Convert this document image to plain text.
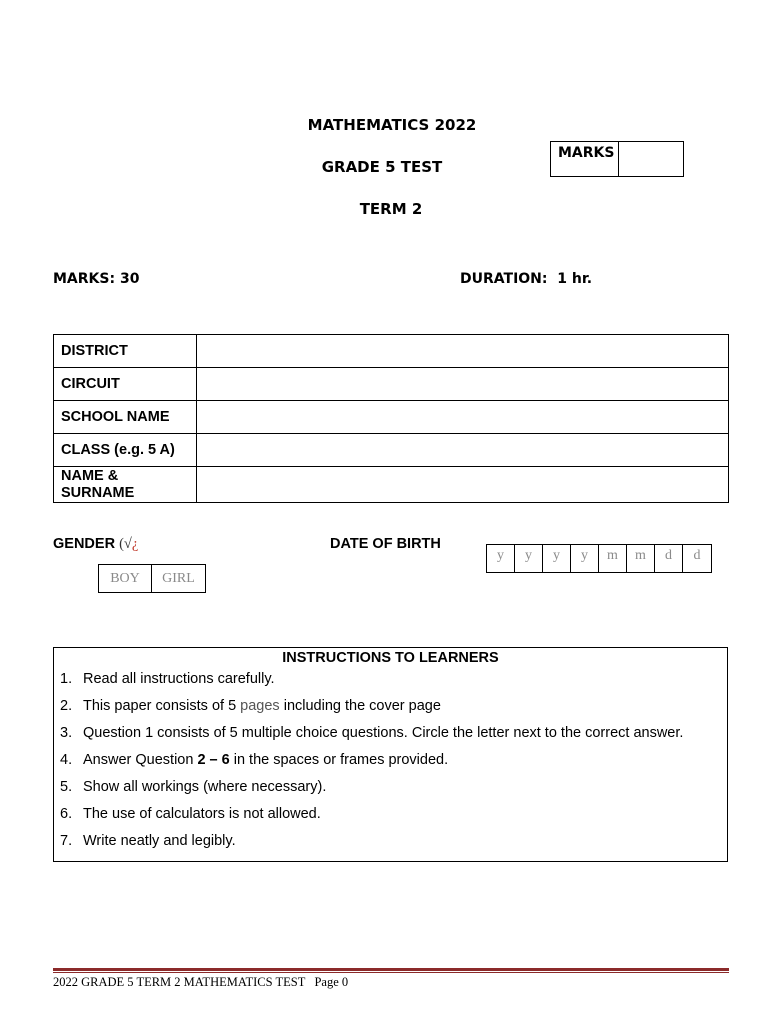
MATHEMATICS 2022
GRADE 5 TEST
TERM 2
MARKS
MARKS: 30	DURATION:  1 hr.
DISTRICT	
CIRCUIT	
SCHOOL NAME	
CLASS (e.g. 5 A)	

NAME &
SURNAME	

GENDER (√¿
BOY	GIRL
DATE OF BIRTH
y	y	y	y	m	m	d	d
INSTRUCTIONS TO LEARNERS
1. Read all instructions carefully.
2. This paper consists of 5 pages including the cover page
3. Question 1 consists of 5 multiple choice questions. Circle the letter next to the correct answer.
4. Answer Question 2 – 6 in the spaces or frames provided.
5. Show all workings (where necessary).
6. The use of calculators is not allowed.
7. Write neatly and legibly.
2022 GRADE 5 TERM 2 MATHEMATICS TEST Page 0
